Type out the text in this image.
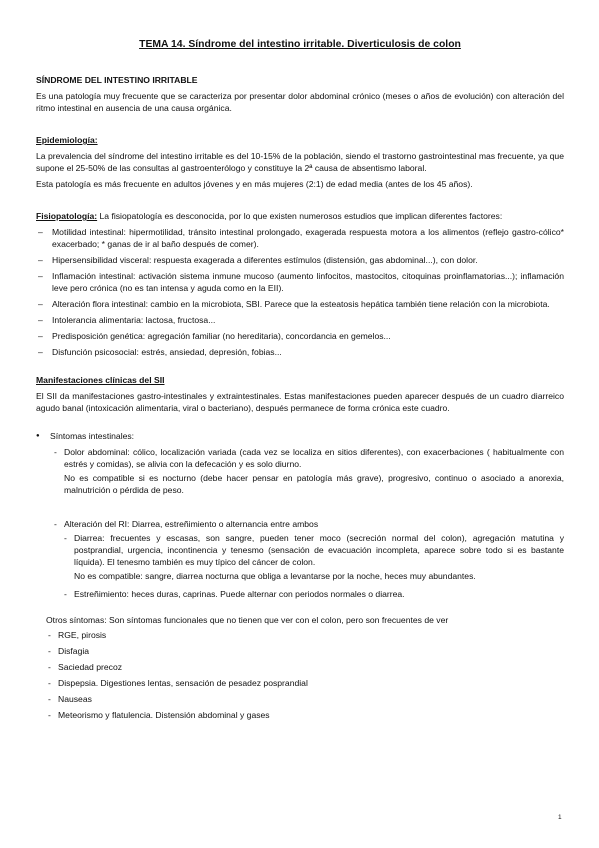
TEMA 14. Síndrome del intestino irritable. Diverticulosis de colon
SÍNDROME DEL INTESTINO IRRITABLE

Es una patología muy frecuente que se caracteriza por presentar dolor abdominal crónico (meses o años de evolución) con alteración del ritmo intestinal en ausencia de una causa orgánica.

Epidemiología:

La prevalencia del síndrome del intestino irritable es del 10-15% de la población, siendo el trastorno gastrointestinal mas frecuente, ya que supone el 25-50% de las consultas al gastroenterólogo y constituye la 2ª causa de absentismo laboral.

Esta patología es más frecuente en adultos jóvenes y en más mujeres (2:1) de edad media (antes de los 45 años).

Fisiopatología: La fisiopatología es desconocida, por lo que existen numerosos estudios que implican diferentes factores:

– Motilidad intestinal: hipermotilidad, tránsito intestinal prolongado, exagerada respuesta motora a los alimentos (reflejo gastro-cólico* exacerbado; * ganas de ir al baño después de comer).
– Hipersensibilidad visceral: respuesta exagerada a diferentes estímulos (distensión, gas abdominal...), con dolor.
– Inflamación intestinal: activación sistema inmune mucoso (aumento linfocitos, mastocitos, citoquinas proinflamatorias...); inflamación leve pero crónica (no es tan intensa y aguda como en la EII).
– Alteración flora intestinal: cambio en la microbiota, SBI. Parece que la esteatosis hepática también tiene relación con la microbiota.
– Intolerancia alimentaria: lactosa, fructosa...
– Predisposición genética: agregación familiar (no hereditaria), concordancia en gemelos...
– Disfunción psicosocial: estrés, ansiedad, depresión, fobias...
Manifestaciones clínicas del SII

El SII da manifestaciones gastro-intestinales y extraintestinales. Estas manifestaciones pueden aparecer después de un cuadro diarreico agudo banal (intoxicación alimentaria, viral o bacteriano), después permanece de forma crónica este cuadro.

● Síntomas intestinales:
- Dolor abdominal: cólico, localización variada (cada vez se localiza en sitios diferentes), con exacerbaciones ( habitualmente con estrés y comidas), se alivia con la defecación y es solo diurno.
No es compatible si es nocturno (debe hacer pensar en patología más grave), progresivo, continuo o asociado a anorexia, malnutrición o pérdida de peso.
- Alteración del RI: Diarrea, estreñimiento o alternancia entre ambos
- Diarrea: frecuentes y escasas, son sangre, pueden tener moco (secreción normal del colon), agregación matutina y postprandial, urgencia, incontinencia y tenesmo (sensación de evacuación incompleta, aparece sobre todo si es bastante líquida). El tenesmo también es muy típico del cáncer de colon.
No es compatible: sangre, diarrea nocturna que obliga a levantarse por la noche, heces muy abundantes.
- Estreñimiento: heces duras, caprinas. Puede alternar con periodos normales o diarrea.
Otros síntomas: Son síntomas funcionales que no tienen que ver con el colon, pero son frecuentes de ver
- RGE, pirosis
- Disfagia
- Saciedad precoz
- Dispepsia. Digestiones lentas, sensación de pesadez posprandial
- Nauseas
- Meteorismo y flatulencia. Distensión abdominal y gases
1
